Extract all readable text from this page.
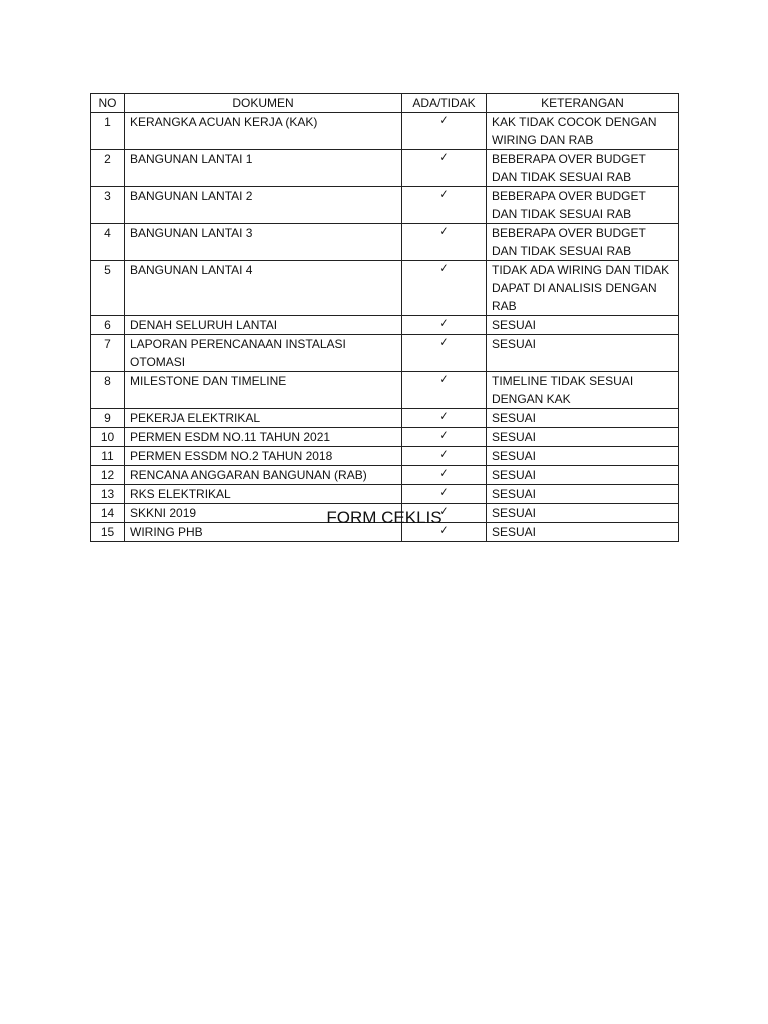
NO	DOKUMEN	ADA/TIDAK	KETERANGAN
1	KERANGKA ACUAN KERJA (KAK)	✓	KAK TIDAK COCOK DENGAN WIRING DAN RAB
2	BANGUNAN LANTAI 1	✓	BEBERAPA OVER BUDGET DAN TIDAK SESUAI RAB
3	BANGUNAN LANTAI 2	✓	BEBERAPA OVER BUDGET DAN TIDAK SESUAI RAB
4	BANGUNAN LANTAI 3	✓	BEBERAPA OVER BUDGET DAN TIDAK SESUAI RAB
5	BANGUNAN LANTAI 4	✓	TIDAK ADA WIRING DAN TIDAK DAPAT DI ANALISIS DENGAN RAB
6	DENAH SELURUH LANTAI	✓	SESUAI
7	LAPORAN PERENCANAAN INSTALASI OTOMASI	✓	SESUAI
8	MILESTONE DAN TIMELINE	✓	TIMELINE TIDAK SESUAI DENGAN KAK
9	PEKERJA ELEKTRIKAL	✓	SESUAI
10	PERMEN ESDM NO.11 TAHUN 2021	✓	SESUAI
11	PERMEN ESSDM NO.2 TAHUN 2018	✓	SESUAI
12	RENCANA ANGGARAN BANGUNAN (RAB)	✓	SESUAI
13	RKS ELEKTRIKAL	✓	SESUAI
14	SKKNI 2019	✓	SESUAI
15	WIRING PHB	✓	SESUAI
FORM CEKLIS
